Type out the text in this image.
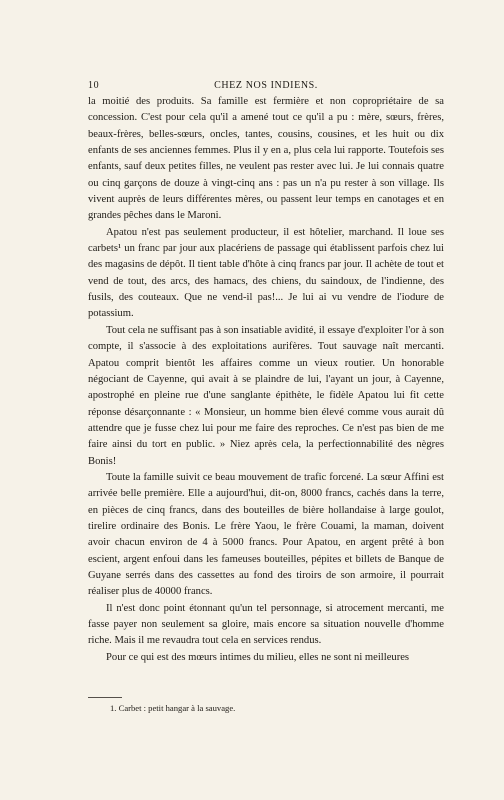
10	CHEZ NOS INDIENS.

la moitié des produits. Sa famille est fermière et non copropriétaire de sa concession. C'est pour cela qu'il a amené tout ce qu'il a pu : mère, sœurs, frères, beaux-frères, belles-sœurs, oncles, tantes, cousins, cousines, et les huit ou dix enfants de ses anciennes femmes. Plus il y en a, plus cela lui rapporte. Toutefois ses enfants, sauf deux petites filles, ne veulent pas rester avec lui. Je lui connais quatre ou cinq garçons de douze à vingt-cinq ans : pas un n'a pu rester à son village. Ils vivent auprès de leurs différentes mères, ou passent leur temps en canotages et en grandes pêches dans le Maroni.

Apatou n'est pas seulement producteur, il est hôtelier, marchand. Il loue ses carbets¹ un franc par jour aux placériens de passage qui établissent parfois chez lui des magasins de dépôt. Il tient table d'hôte à cinq francs par jour. Il achète de tout et vend de tout, des arcs, des hamacs, des chiens, du saindoux, de l'indienne, des fusils, des couteaux. Que ne vend-il pas!... Je lui ai vu vendre de l'iodure de potassium.

Tout cela ne suffisant pas à son insatiable avidité, il essaye d'exploiter l'or à son compte, il s'associe à des exploitations aurifères. Tout sauvage naît mercanti. Apatou comprit bientôt les affaires comme un vieux routier. Un honorable négociant de Cayenne, qui avait à se plaindre de lui, l'ayant un jour, à Cayenne, apostrophé en pleine rue d'une sanglante épithète, le fidèle Apatou lui fit cette réponse désarçonnante : « Monsieur, un homme bien élevé comme vous aurait dû attendre que je fusse chez lui pour me faire des reproches. Ce n'est pas bien de me faire ainsi du tort en public. » Niez après cela, la perfectionnabilité des nègres Bonis!

Toute la famille suivit ce beau mouvement de trafic forcené. La sœur Affini est arrivée belle première. Elle a aujourd'hui, dit-on, 8000 francs, cachés dans la terre, en pièces de cinq francs, dans des bouteilles de bière hollandaise à large goulot, tirelire ordinaire des Bonis. Le frère Yaou, le frère Couami, la maman, doivent avoir chacun environ de 4 à 5000 francs. Pour Apatou, en argent prêté à bon escient, argent enfoui dans les fameuses bouteilles, pépites et billets de Banque de Guyane serrés dans des cassettes au fond des tiroirs de son armoire, il pourrait réaliser plus de 40000 francs.

Il n'est donc point étonnant qu'un tel personnage, si atrocement mercanti, me fasse payer non seulement sa gloire, mais encore sa situation nouvelle d'homme riche. Mais il me revaudra tout cela en services rendus.

Pour ce qui est des mœurs intimes du milieu, elles ne sont ni meilleures

1. Carbet : petit hangar à la sauvage.
